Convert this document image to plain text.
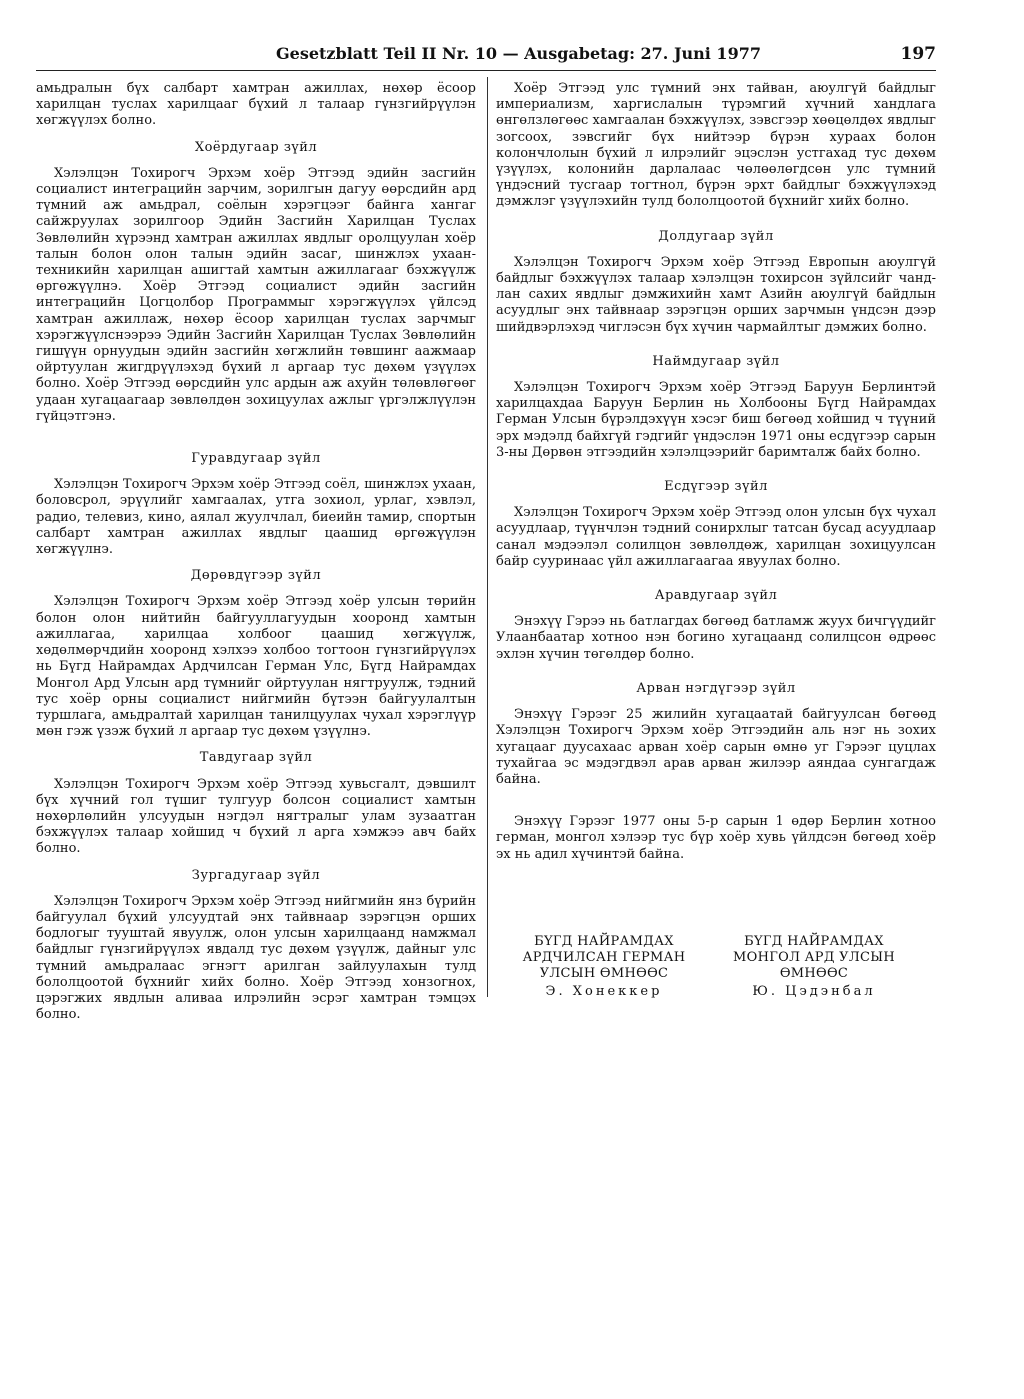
Gesetzblatt Teil II Nr. 10 — Ausgabetag: 27. Juni 1977	197

амьдралын бүх салбарт хамтран ажиллах, нөхөр ёсоор харилцан туслах харилцааг бүхий л талаар гүнзгийрүүлэн хөгжүүлэх болно.

Хоёрдугаар зүйл

Хэлэлцэн Тохирогч Эрхэм хоёр Этгээд эдийн засгийн социалист интеграцийн зарчим, зорилгын дагуу өөрсдийн ард түмний аж амьдрал, соёлын хэрэгцээг байнга хангаг сайжруулах зорилгоор Эдийн Засгийн Харилцан Туслах Зөвлөлийн хүрээнд хамтран ажиллах явдлыг оролцуулан хоёр талын болон олон талын эдийн засаг, шинжлэх ухаан-техникийн харилцан ашигтай хамтын ажиллагааг бэхжүүлж өргөжүүлнэ. Хоёр Этгээд социалист эдийн засгийн интеграцийн Цогцолбор Программыг хэрэгжүүлэх үйлсэд хамтран ажиллаж, нөхөр ёсоор харилцан туслах зарчмыг хэрэгжүүлснээрээ Эдийн Засгийн Харилцан Туслах Зөвлөлийн гишүүн орнуудын эдийн засгийн хөгжлийн төвшинг аажмаар ойртуулан жигдрүүлэхэд бүхий л аргаар тус дөхөм үзүүлэх болно. Хоёр Этгээд өөрсдийн улс ардын аж ахуйн төлөвлөгөөг удаан хугацаагаар зөвлөлдөн зохицуулах ажлыг үргэлжлүүлэн гүйцэтгэнэ.

Гуравдугаар зүйл

Хэлэлцэн Тохирогч Эрхэм хоёр Этгээд соёл, шинжлэх ухаан, боловсрол, эрүүлийг хамгаалах, утга зохиол, урлаг, хэвлэл, радио, телевиз, кино, аялал жуулчлал, биеийн тамир, спортын салбарт хамтран ажиллах явдлыг цаашид өргөжүүлэн хөгжүүлнэ.

Дөрөвдүгээр зүйл

Хэлэлцэн Тохирогч Эрхэм хоёр Этгээд хоёр улсын төрийн болон олон нийтийн байгууллагуудын хооронд хамтын ажиллагаа, харилцаа холбоог цаашид хөгжүүлж, хөдөлмөрчдийн хооронд хэлхээ холбоо тогтоон гүнзгийрүүлэх нь Бүгд Найрамдах Ардчилсан Герман Улс, Бүгд Найрамдах Монгол Ард Улсын ард түмнийг ойртуулан нягтруулж, тэдний тус хоёр орны социалист нийгмийн бүтээн байгуулалтын туршлага, амьдралтай харилцан танилцуулах чухал хэрэглүүр мөн гэж үзэж бүхий л аргаар тус дөхөм үзүүлнэ.

Тавдугаар зүйл

Хэлэлцэн Тохирогч Эрхэм хоёр Этгээд хувьсгалт, дэвшилт бүх хүчний гол түшиг тулгуур болсон социалист хамтын нөхөрлөлийн улсуудын нэгдэл нягтралыг улам зузаатган бэхжүүлэх талаар хойшид ч бүхий л арга хэмжээ авч байх болно.

Зургадугаар зүйл

Хэлэлцэн Тохирогч Эрхэм хоёр Этгээд нийгмийн янз бүрийн байгуулал бүхий улсуудтай энх тайвнаар зэрэгцэн орших бодлогыг тууштай явуулж, олон улсын харилцаанд намжмал байдлыг гүнзгийрүүлэх явдалд тус дөхөм үзүүлж, дайныг улс түмний амьдралаас эгнэгт арилган зайлуулахын тулд бололцоотой бүхнийг хийх болно. Хоёр Этгээд хонзогнох, цэрэгжих явдлын аливаа илрэлийн эсрэг хамтран тэмцэх болно.

Хоёр Этгээд улс түмний энх тайван, аюулгүй байдлыг империализм, харгислалын түрэмгий хүчний хандлага өнгөлзлөгөөс хамгаалан бэхжүүлэх, зэвсгээр хөөцөлдөх явдлыг зогсоох, зэвсгийг бүх нийтээр бүрэн хураах болон колончлолын бүхий л илрэлийг эцэслэн устгахад тус дөхөм үзүүлэх, колонийн дарлалаас чөлөөлөгдсөн улс түмний үндэсний тусгаар тогтнол, бүрэн эрхт байдлыг бэхжүүлэхэд дэмжлэг үзүүлэхийн тулд бололцоотой бүхнийг хийх болно.

Долдугаар зүйл

Хэлэлцэн Тохирогч Эрхэм хоёр Этгээд Европын аюулгүй байдлыг бэхжүүлэх талаар хэлэлцэн тохирсон зүйлсийг чанд-лан сахих явдлыг дэмжихийн хамт Азийн аюулгүй байдлын асуудлыг энх тайвнаар зэрэгцэн орших зарчмын үндсэн дээр шийдвэрлэхэд чиглэсэн бүх хүчин чармайлтыг дэмжих болно.

Наймдугаар зүйл

Хэлэлцэн Тохирогч Эрхэм хоёр Этгээд Баруун Берлинтэй харилцахдаа Баруун Берлин нь Холбооны Бүгд Найрамдах Герман Улсын бүрэлдэхүүн хэсэг биш бөгөөд хойшид ч түүний эрх мэдэлд байхгүй гэдгийг үндэслэн 1971 оны есдүгээр сарын 3-ны Дөрвөн этгээдийн хэлэлцээрийг баримталж байх болно.

Есдүгээр зүйл

Хэлэлцэн Тохирогч Эрхэм хоёр Этгээд олон улсын бүх чухал асуудлаар, түүнчлэн тэдний сонирхлыг татсан бусад асуудлаар санал мэдээлэл солилцон зөвлөлдөж, харилцан зохицуулсан байр сууринаас үйл ажиллагаагаа явуулах болно.

Аравдугаар зүйл

Энэхүү Гэрээ нь батлагдах бөгөөд батламж жуух бичгүүдийг Улаанбаатар хотноо нэн богино хугацаанд солилцсон өдрөөс эхлэн хүчин төгөлдөр болно.

Арван нэгдүгээр зүйл

Энэхүү Гэрээг 25 жилийн хугацаатай байгуулсан бөгөөд Хэлэлцэн Тохирогч Эрхэм хоёр Этгээдийн аль нэг нь зохих хугацааг дуусахаас арван хоёр сарын өмнө уг Гэрээг цуцлах тухайгаа эс мэдэгдвэл арав арван жилээр аяндаа сунгагдаж байна.

Энэхүү Гэрээг 1977 оны 5-р сарын 1 өдөр Берлин хотноо герман, монгол хэлээр тус бүр хоёр хувь үйлдсэн бөгөөд хоёр эх нь адил хүчинтэй байна.

БҮГД НАЙРАМДАХ
АРДЧИЛСАН ГЕРМАН
УЛСЫН ӨМНӨӨС
Э. Хонеккер
БҮГД НАЙРАМДАХ
МОНГОЛ АРД УЛСЫН
ӨМНӨӨС
Ю. Цэдэнбал
